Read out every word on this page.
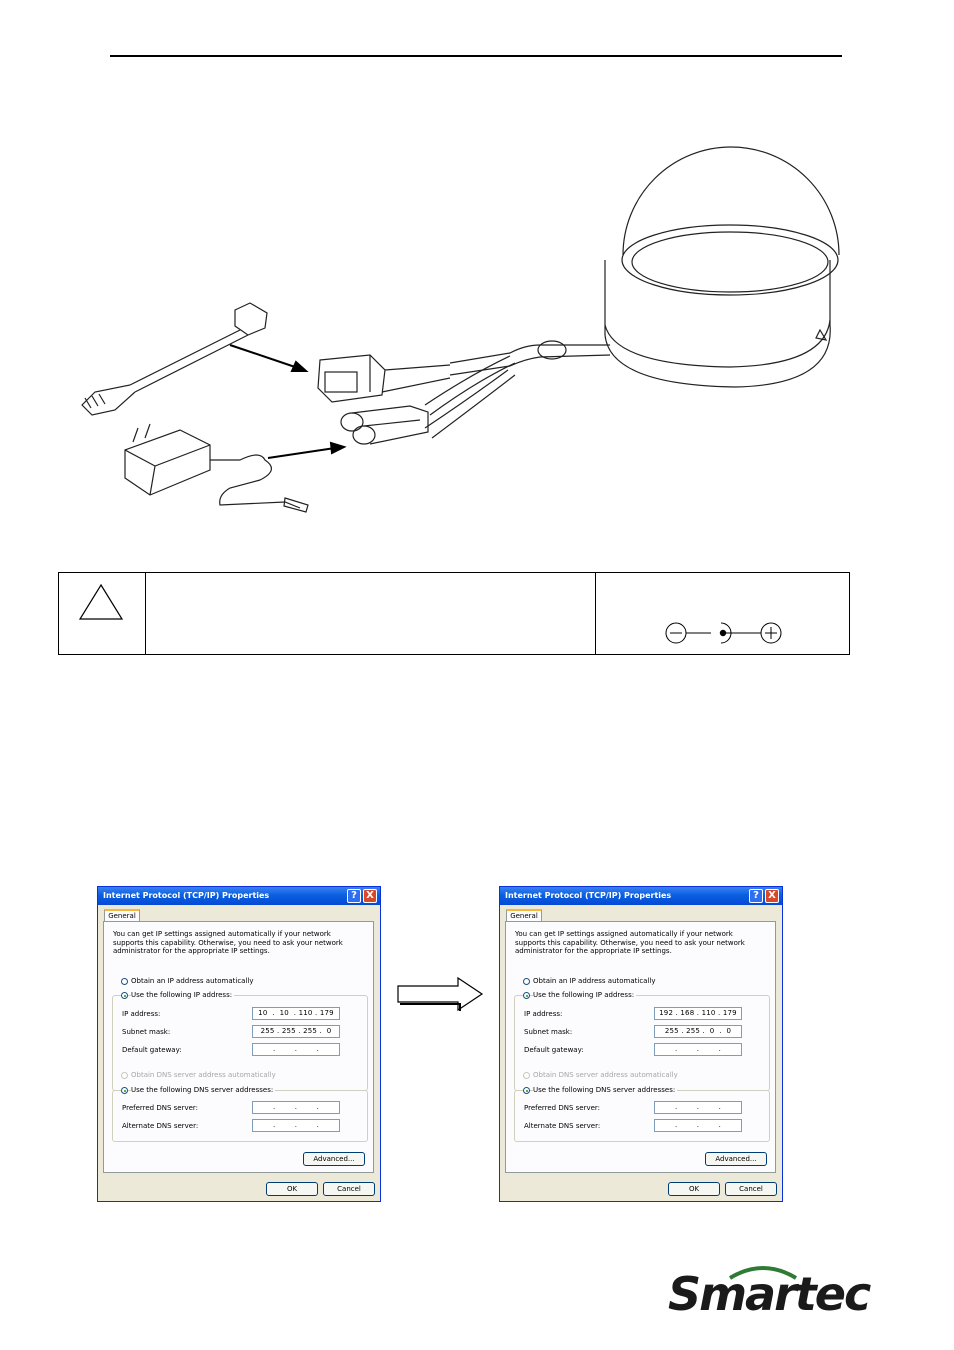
Internet Protocol (TCP/IP) Properties	? X
General
You can get IP settings assigned automatically if your network supports this capability. Otherwise, you need to ask your network administrator for the appropriate IP settings.
Obtain an IP address automatically
Use the following IP address:
IP address:	10  .  10  . 110 . 179
Subnet mask:	255 . 255 . 255 .  0
Default gateway:	.        .        .
Obtain DNS server address automatically
Use the following DNS server addresses:
Preferred DNS server:	.        .        .
Alternate DNS server:	.        .        .
Advanced...
OK	Cancel
Internet Protocol (TCP/IP) Properties	? X
General
You can get IP settings assigned automatically if your network supports this capability. Otherwise, you need to ask your network administrator for the appropriate IP settings.
Obtain an IP address automatically
Use the following IP address:
IP address:	192 . 168 . 110 . 179
Subnet mask:	255 . 255 .  0  .  0
Default gateway:	.        .        .
Obtain DNS server address automatically
Use the following DNS server addresses:
Preferred DNS server:	.        .        .
Alternate DNS server:	.        .        .
Advanced...
OK	Cancel
Smartec
